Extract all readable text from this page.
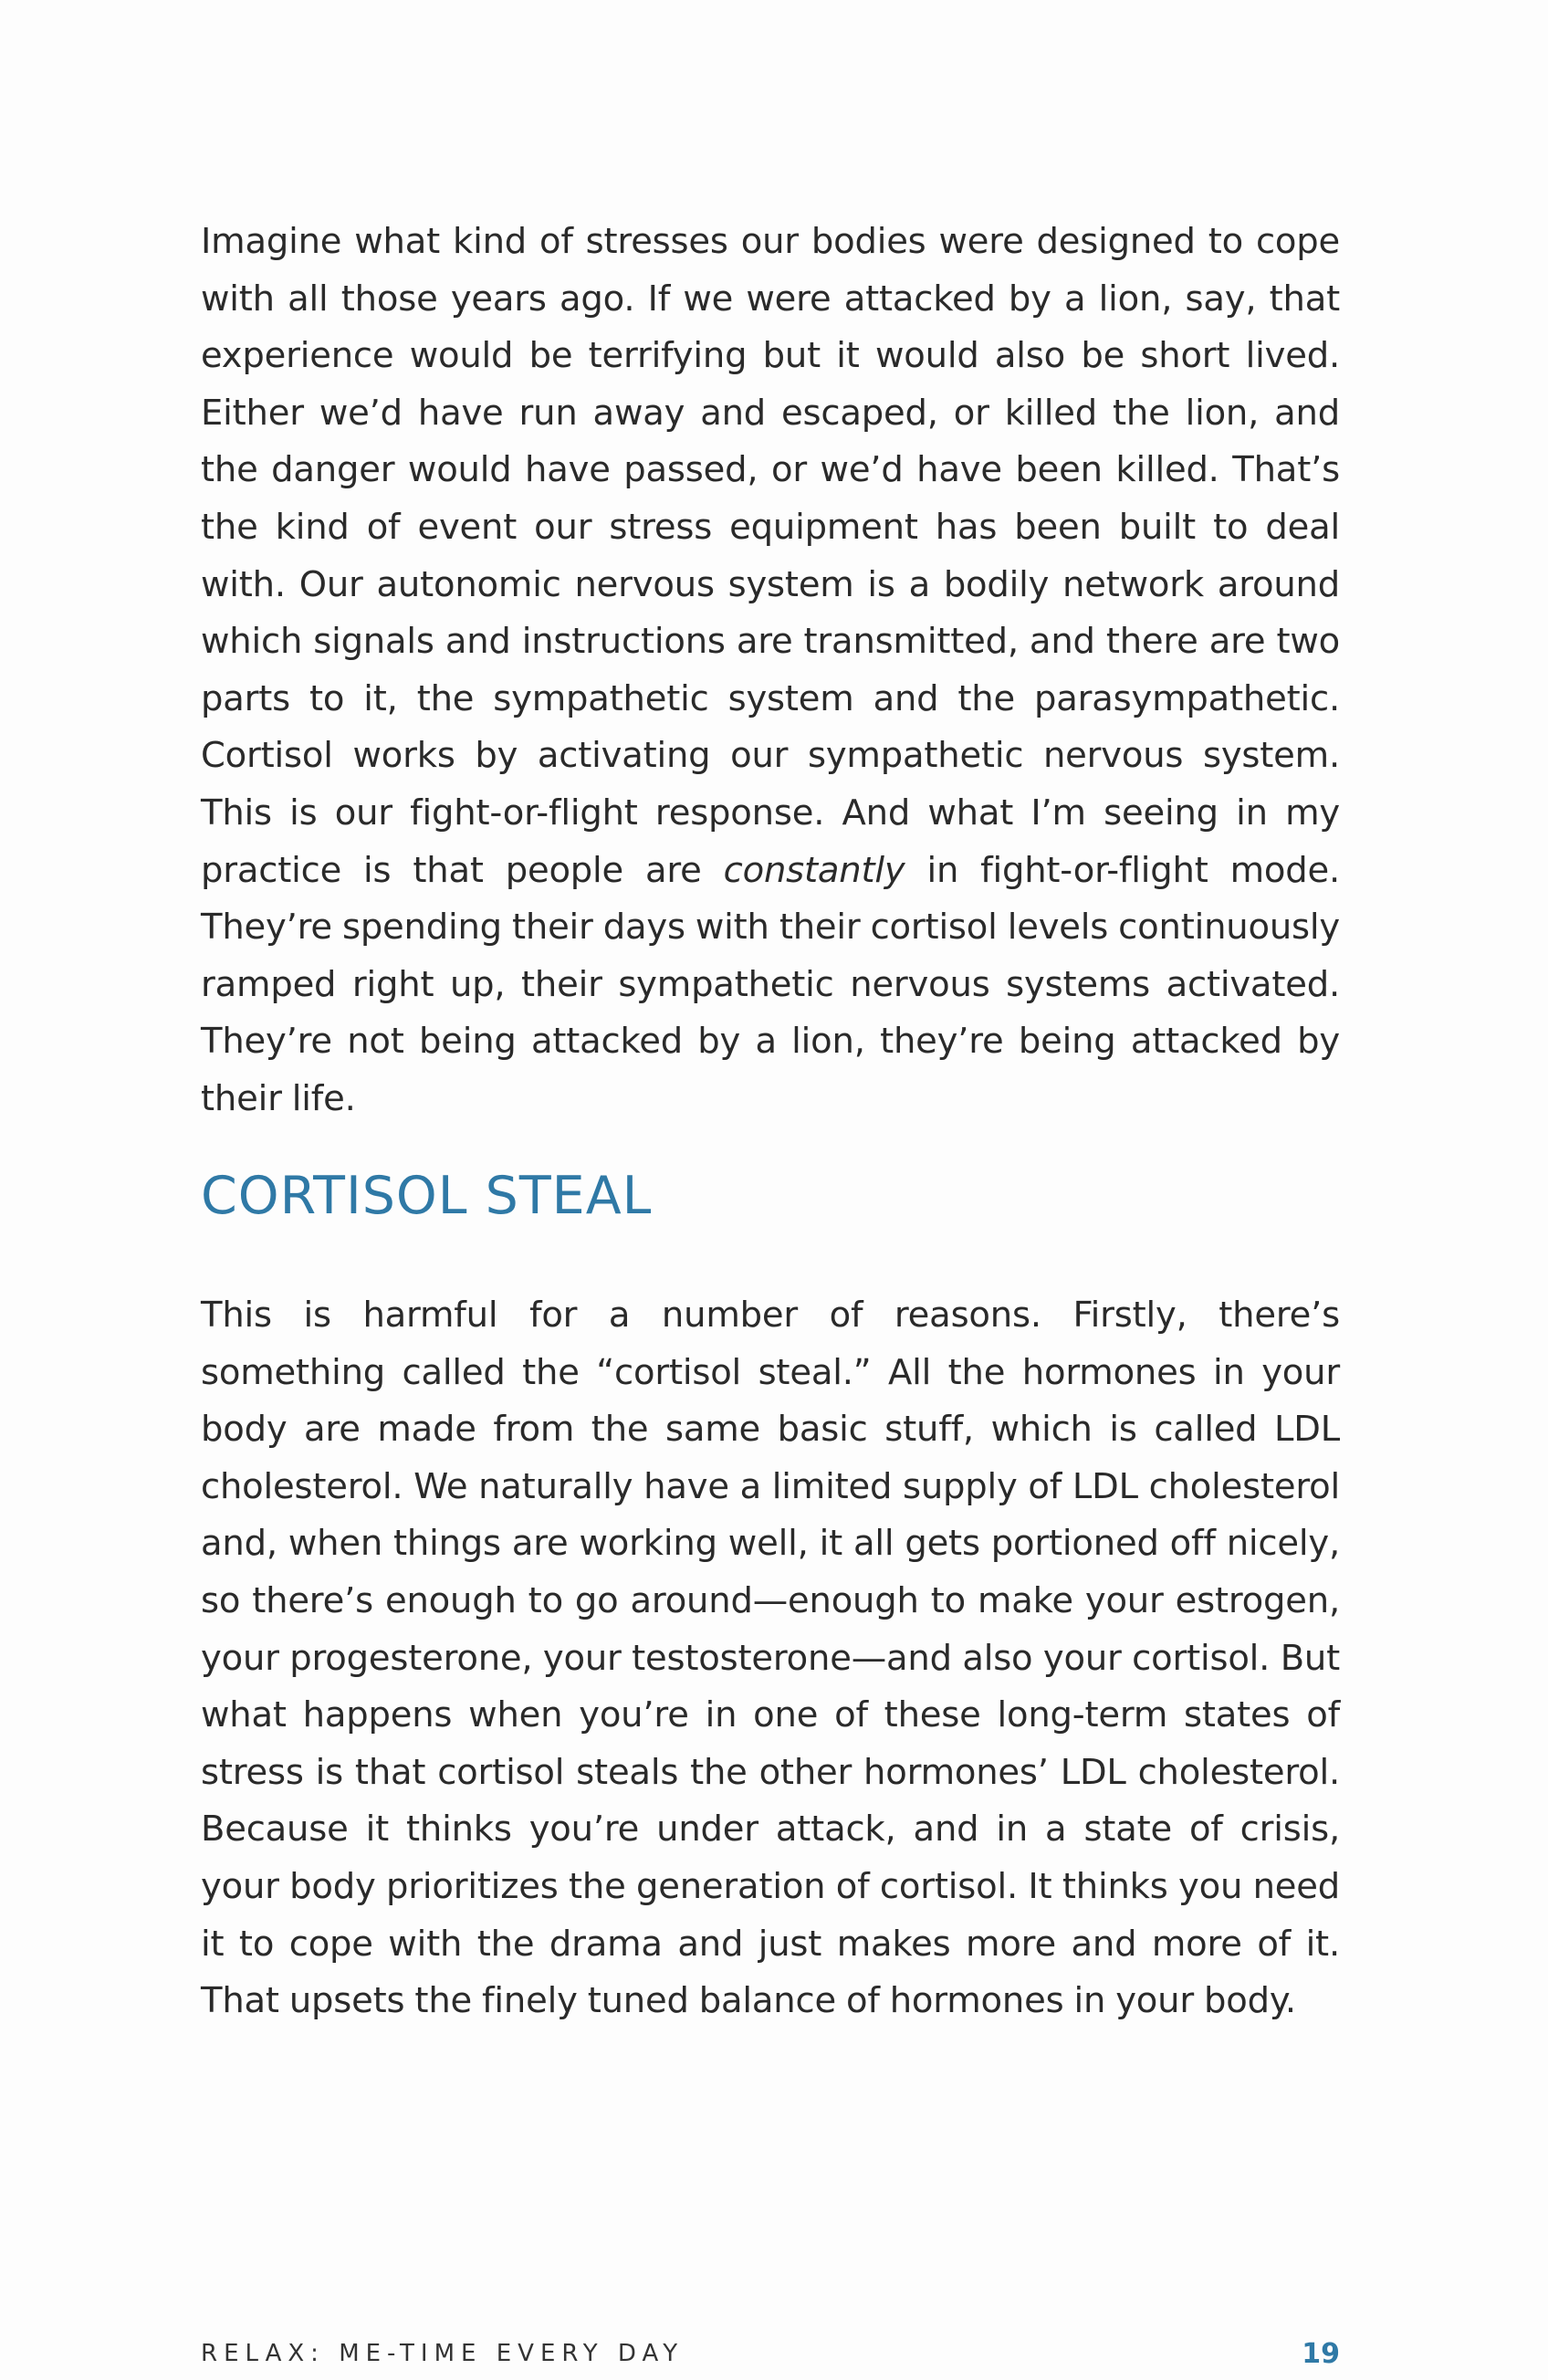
Imagine what kind of stresses our bodies were designed to cope with all those years ago. If we were attacked by a lion, say, that experience would be terrifying but it would also be short lived. Either we’d have run away and escaped, or killed the lion, and the danger would have passed, or we’d have been killed. That’s the kind of event our stress equipment has been built to deal with. Our autonomic nervous system is a bodily network around which signals and instructions are transmitted, and there are two parts to it, the sympathetic system and the parasympathetic. Cortisol works by activating our sympathetic nervous system. This is our fight-or-flight response. And what I’m seeing in my practice is that people are constantly in fight-or-flight mode. They’re spending their days with their cortisol levels continuously ramped right up, their sympathetic nervous systems activated. They’re not being attacked by a lion, they’re being attacked by their life.

CORTISOL STEAL

This is harmful for a number of reasons. Firstly, there’s something called the “cortisol steal.” All the hormones in your body are made from the same basic stuff, which is called LDL cholesterol. We naturally have a limited supply of LDL cholesterol and, when things are working well, it all gets portioned off nicely, so there’s enough to go around—enough to make your estrogen, your progesterone, your testosterone—and also your cortisol. But what happens when you’re in one of these long-term states of stress is that cortisol steals the other hormones’ LDL cholesterol. Because it thinks you’re under attack, and in a state of crisis, your body prioritizes the generation of cortisol. It thinks you need it to cope with the drama and just makes more and more of it. That upsets the finely tuned balance of hormones in your body.

RELAX: ME-TIME EVERY DAY	19
